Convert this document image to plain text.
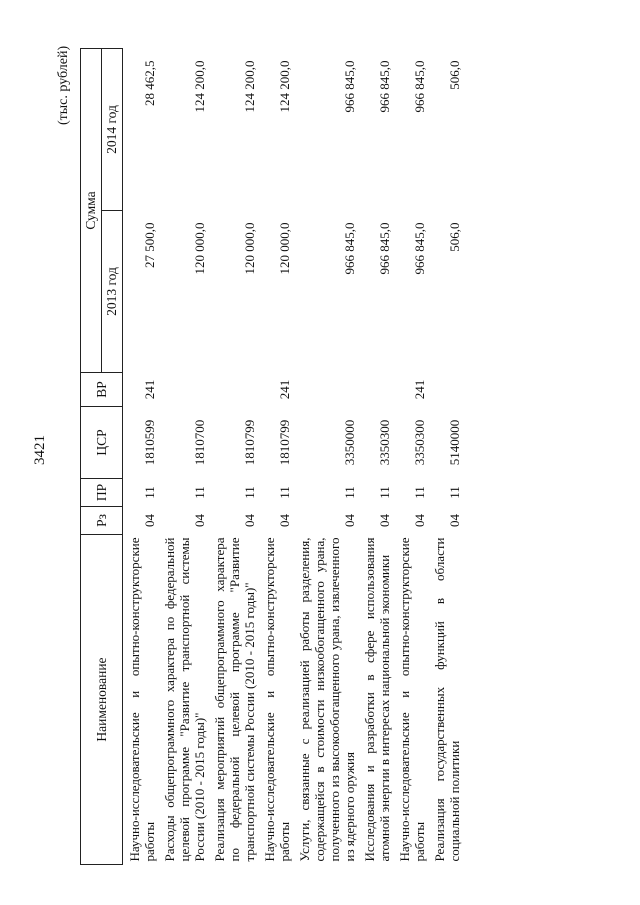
3421
(тыс. рублей)
Наименование	Рз	ПР	ЦСР	ВР	Сумма	
					2013 год	2014 год
Научно-исследовательские и опытно-конструкторские работы	04	11	1810599	241	27 500,0	28 462,5
Расходы общепрограммного характера по федеральной целевой программе "Развитие транспортной системы России (2010 - 2015 годы)"	04	11	1810700		120 000,0	124 200,0
Реализация мероприятий общепрограммного характера по федеральной целевой программе "Развитие транспортной системы России (2010 - 2015 годы)"	04	11	1810799		120 000,0	124 200,0
Научно-исследовательские и опытно-конструкторские работы	04	11	1810799	241	120 000,0	124 200,0
Услуги, связанные с реализацией работы разделения, содержащейся в стоимости низкообогащенного урана, полученного из высокообогащенного урана, извлеченного из ядерного оружия	04	11	3350000		966 845,0	966 845,0
Исследования и разработки в сфере использования атомной энергии в интересах национальной экономики	04	11	3350300		966 845,0	966 845,0
Научно-исследовательские и опытно-конструкторские работы	04	11	3350300	241	966 845,0	966 845,0
Реализация государственных функций в области социальной политики	04	11	5140000		506,0	506,0
